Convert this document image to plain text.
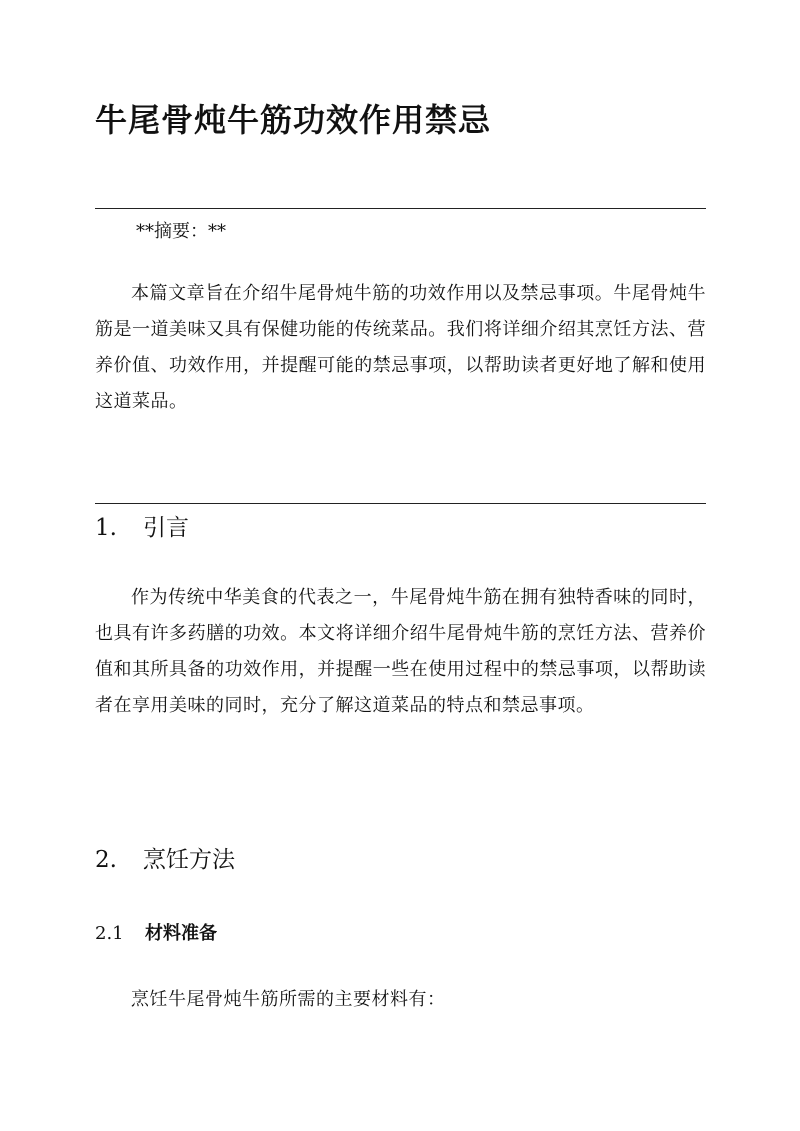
牛尾骨炖牛筋功效作用禁忌

**摘要：**

本篇文章旨在介绍牛尾骨炖牛筋的功效作用以及禁忌事项。牛尾骨炖牛筋是一道美味又具有保健功能的传统菜品。我们将详细介绍其烹饪方法、营养价值、功效作用，并提醒可能的禁忌事项，以帮助读者更好地了解和使用这道菜品。

1. 引言

作为传统中华美食的代表之一，牛尾骨炖牛筋在拥有独特香味的同时，也具有许多药膳的功效。本文将详细介绍牛尾骨炖牛筋的烹饪方法、营养价值和其所具备的功效作用，并提醒一些在使用过程中的禁忌事项，以帮助读者在享用美味的同时，充分了解这道菜品的特点和禁忌事项。

2. 烹饪方法
2.1 材料准备

烹饪牛尾骨炖牛筋所需的主要材料有：
